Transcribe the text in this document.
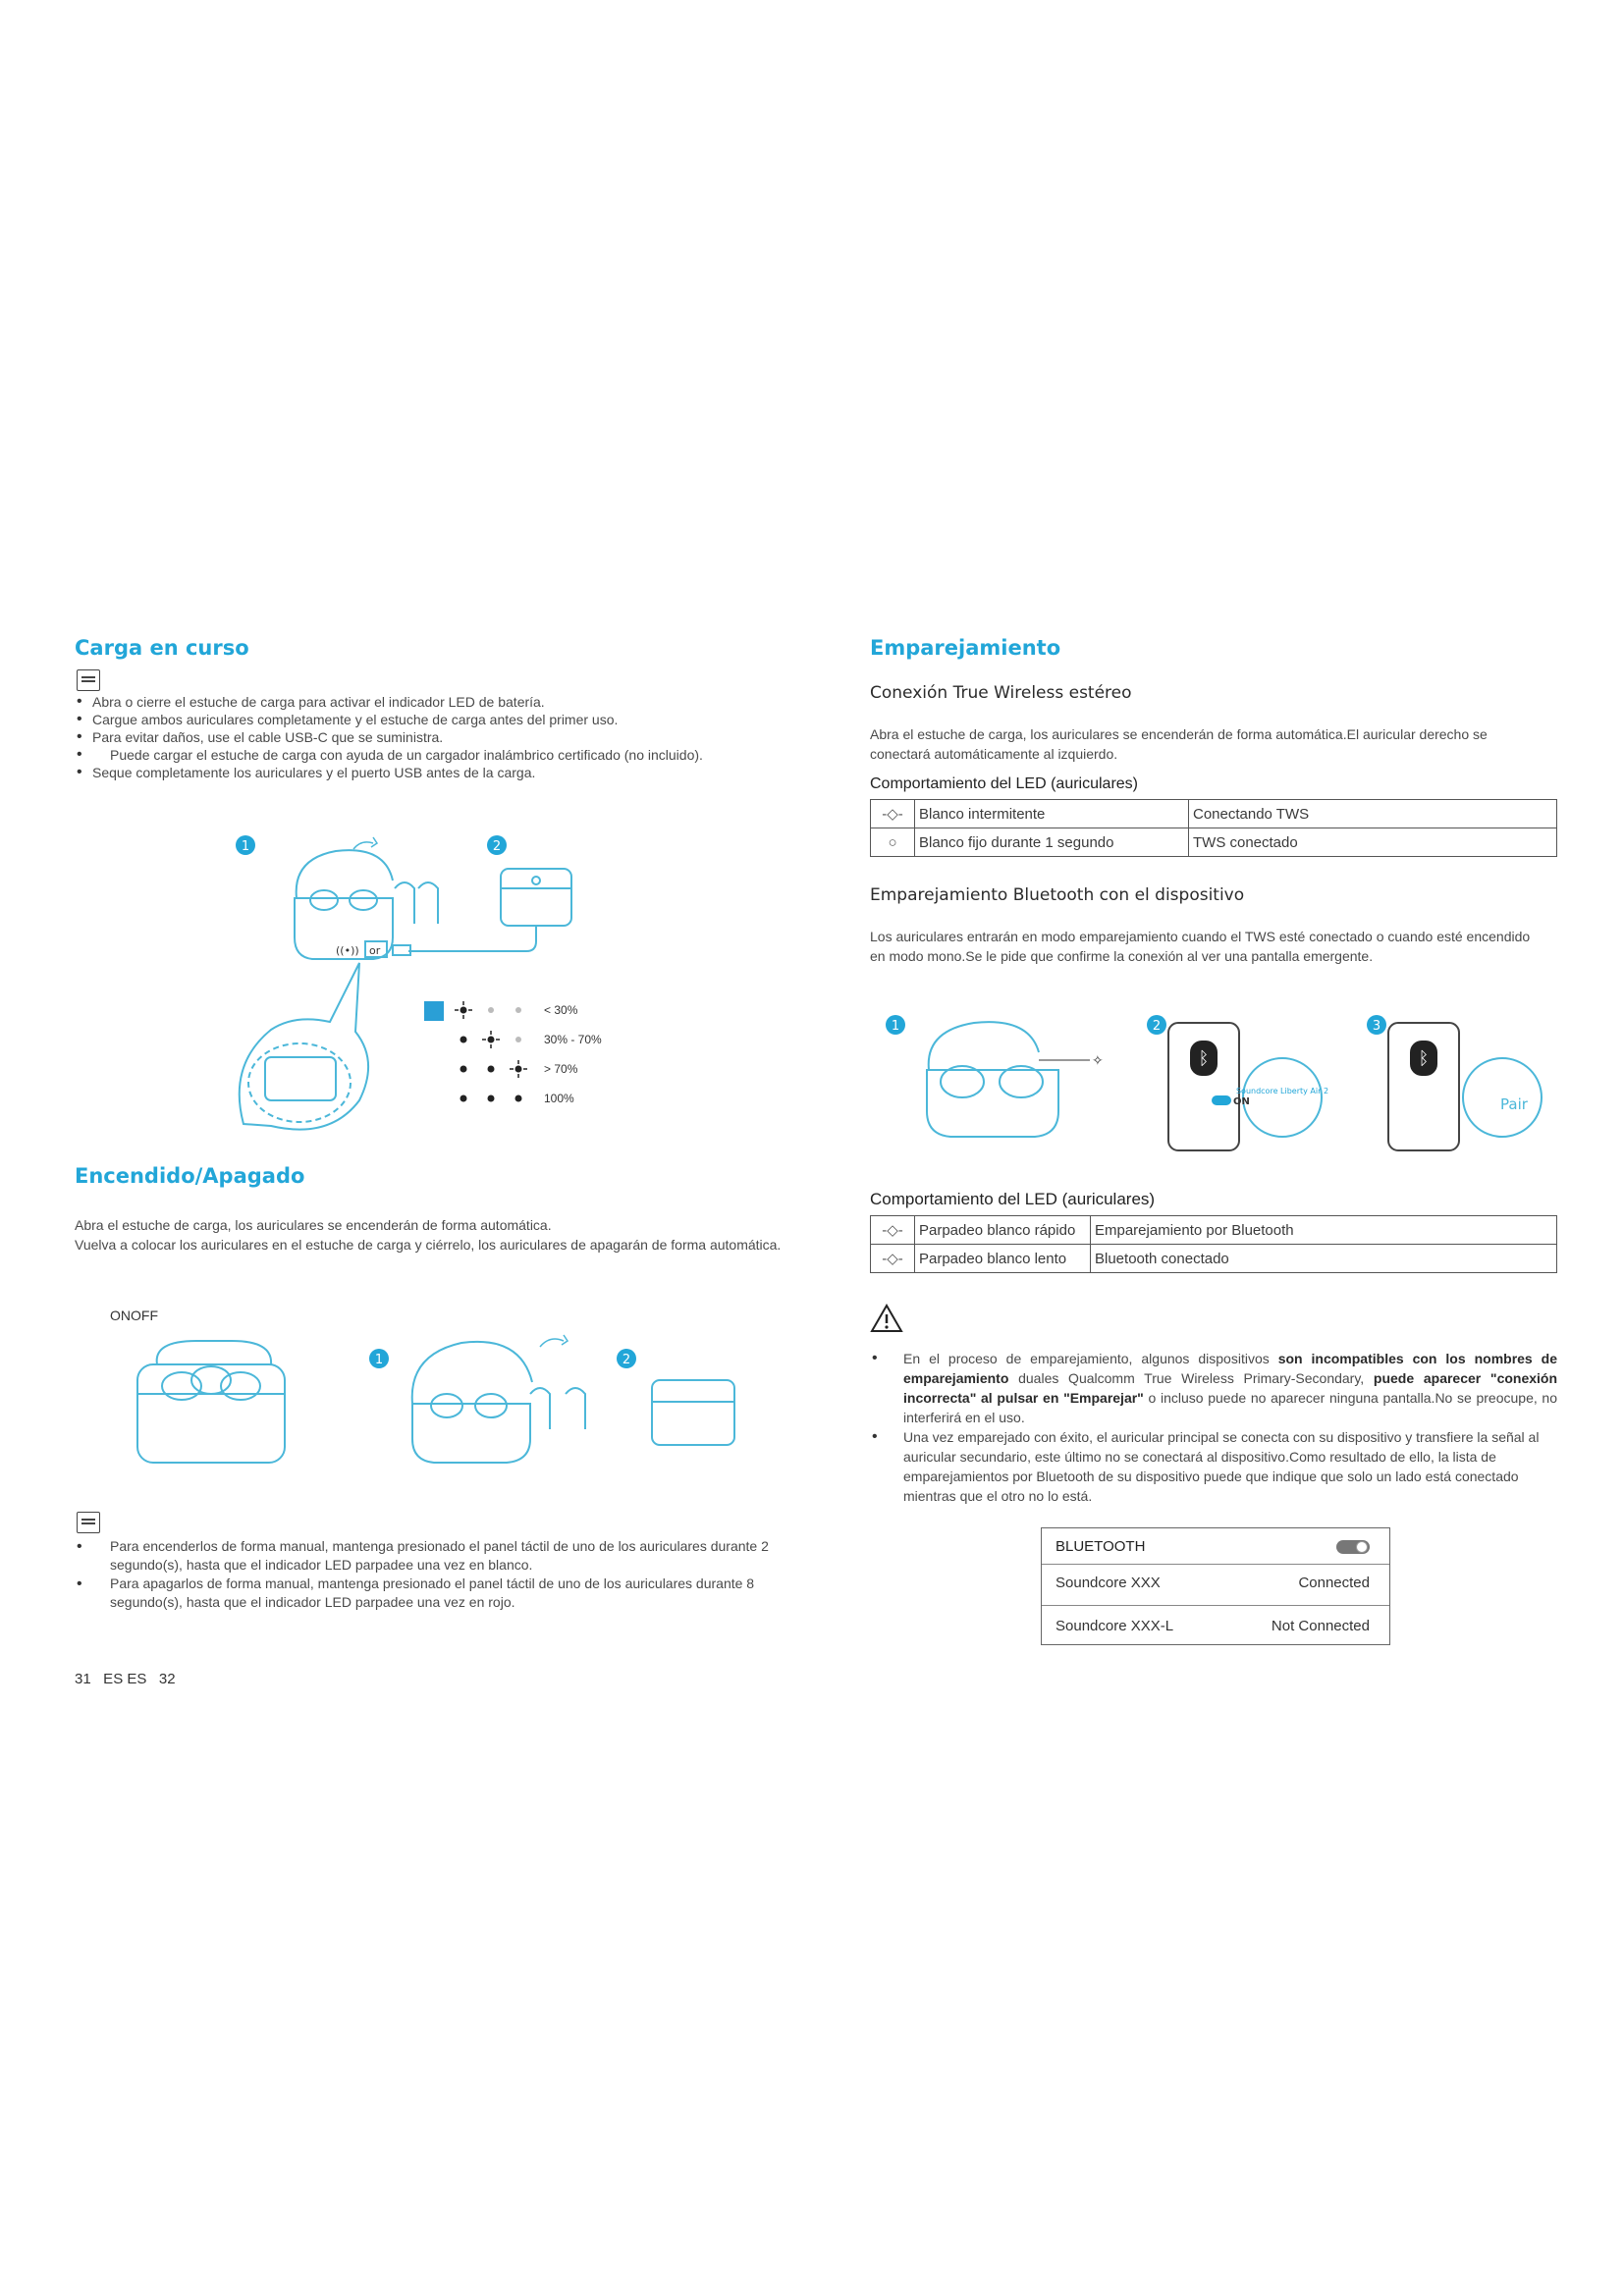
Carga en curso
• Abra o cierre el estuche de carga para activar el indicador LED de batería.
• Cargue ambos auriculares completamente y el estuche de carga antes del primer uso.
• Para evitar daños, use el cable USB-C que se suministra.
• Puede cargar el estuche de carga con ayuda de un cargador inalámbrico certificado (no incluido).
• Seque completamente los auriculares y el puerto USB antes de la carga.
1	2
((•)) or
< 30%
30% - 70%
> 70%
100%
Encendido/Apagado
Abra el estuche de carga, los auriculares se encenderán de forma automática.
Vuelva a colocar los auriculares en el estuche de carga y ciérrelo, los auriculares de apagarán de forma automática.
ONOFF
1	2
• Para encenderlos de forma manual, mantenga presionado el panel táctil de uno de los auriculares durante 2 segundo(s), hasta que el indicador LED parpadee una vez en blanco.
• Para apagarlos de forma manual, mantenga presionado el panel táctil de uno de los auriculares durante 8 segundo(s), hasta que el indicador LED parpadee una vez en rojo.
31   ES ES   32
Emparejamiento
Conexión True Wireless estéreo
Abra el estuche de carga, los auriculares se encenderán de forma automática.El auricular derecho se conectará automáticamente al izquierdo.
Comportamiento del LED (auriculares)
-◇-	Blanco intermitente	Conectando TWS
○	Blanco fijo durante 1 segundo	TWS conectado
Emparejamiento Bluetooth con el dispositivo
Los auriculares entrarán en modo emparejamiento cuando el TWS esté conectado o cuando esté encendido en modo mono.Se le pide que confirme la conexión al ver una pantalla emergente.
✧	ᛒ	ᛒ
1	2	3
ON
Soundcore Liberty Air 2
Pair
Comportamiento del LED (auriculares)
-◇-	Parpadeo blanco rápido	Emparejamiento por Bluetooth
-◇-	Parpadeo blanco lento	Bluetooth conectado
• En el proceso de emparejamiento, algunos dispositivos son incompatibles con los nombres de emparejamiento duales Qualcomm True Wireless Primary-Secondary, puede aparecer "conexión incorrecta" al pulsar en "Emparejar" o incluso puede no aparecer ninguna pantalla.No se preocupe, no interferirá en el uso.
• Una vez emparejado con éxito, el auricular principal se conecta con su dispositivo y transfiere la señal al auricular secundario, este último no se conectará al dispositivo.Como resultado de ello, la lista de emparejamientos por Bluetooth de su dispositivo puede que indique que solo un lado está conectado mientras que el otro no lo está.
BLUETOOTH
Soundcore XXX	Connected
Soundcore XXX-L	Not Connected
